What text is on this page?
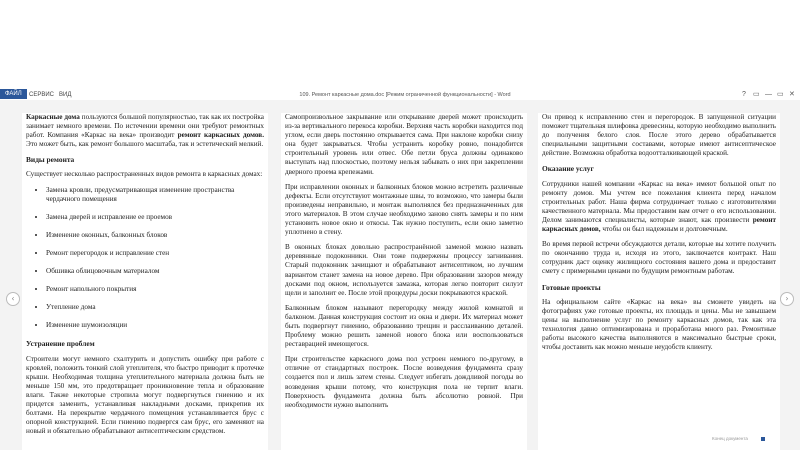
ФАЙЛ	СЕРВИС ВИД	109. Ремонт каркасные дома.doc [Режим ограниченной функциональности] - Word	? ▭ — ▭ ✕

Каркасные дома пользуются большой популярностью, так как их постройка занимает немного времени. По истечении времени они требуют ремонтных работ. Компания «Каркас на века» производит ремонт каркасных домов. Это может быть, как ремонт большого масштаба, так и эстетический мелкий.

Виды ремонта

Существует несколько распространенных видов ремонта в каркасных домах:

• Замена кровли, предусматривающая изменение пространства чердачного помещения
• Замена дверей и исправление ее проемов
• Изменение оконных, балконных блоков
• Ремонт перегородок и исправление стен
• Обшивка облицовочным материалом
• Ремонт напольного покрытия
• Утепление дома
• Изменение шумоизоляции
Устранение проблем

Строители могут немного схалтурить и допустить ошибку при работе с кровлей, положить тонкий слой утеплителя, что быстро приводит к протечке крыши. Необходимая толщина утеплительного материала должна быть не меньше 150 мм, это предотвращает проникновение тепла и образование влаги. Также некоторые стропила могут подвергнуться гниению и их придется заменить, устанавливая накладными досками, прикрепив их болтами. На перекрытие чердачного помещения устанавливается брус с опорной конструкцией. Если гниению подвергся сам брус, его заменяют на новый и обязательно обрабатывают антисептическим средством.

Самопроизвольное закрывание или открывание дверей может происходить из-за вертикального перекоса коробки. Верхняя часть коробки находится под углом, если дверь постоянно открывается сама. При наклоне коробки снизу она будет закрываться. Чтобы устранить коробку ровно, понадобится строительный уровень или отвес. Обе петли бруса должны одинаково выступать над плоскостью, поэтому нельзя забывать о них при закреплении дверного проема крепежами.

При исправлении оконных и балконных блоков можно встретить различные дефекты. Если отсутствуют монтажные швы, то возможно, что замеры были произведены неправильно, и монтаж выполнялся без предназначенных для этого материалов. В этом случае необходимо заново снять замеры и по ним установить новое окно и откосы. Так нужно поступить, если окно заметно уплотнено в стену.

В оконных блоках довольно распространённой заменой можно назвать деревянные подоконники. Они тоже подвержены процессу загнивания. Старый подоконник зачищают и обрабатывают антисептиком, но лучшим вариантом станет замена на новое дерево. При образовании зазоров между досками под окном, используется замазка, которая легко повторит силуэт щели и заполнит ее. После этой процедуры доски покрываются краской.

Балконным блоком называют перегородку между жилой комнатой и балконом. Данная конструкция состоит из окна и двери. Их материал может быть подвергнут гниению, образованию трещин и расслаиванию деталей. Проблему можно решить заменой нового блока или воспользоваться реставрацией имеющегося.

При строительстве каркасного дома пол устроен немного по-другому, в отличие от стандартных построек. После возведения фундамента сразу создается пол и лишь затем стены. Следует избегать дождливой погоды во возведения крыши потому, что конструкция пола не терпит влаги. Поверхность фундамента должна быть абсолютно ровной. При необходимости нужно выполнить

Он привод к исправлению стен и перегородок. В запущенной ситуации поможет тщательная шлифовка древесины, которую необходимо выполнить до получения белого слоя. После этого дерево обрабатывается специальными защитными составами, которые имеют антисептическое действие. Возможна обработка водоотталкивающей краской.

Оказание услуг

Сотрудники нашей компании «Каркас на века» имеют большой опыт по ремонту домов. Мы учтем все пожелания клиента перед началом строительных работ. Наша фирма сотрудничает только с изготовителями качественного материала. Мы предоставим вам отчет о его использовании. Делом занимаются специалисты, которые знают, как произвести ремонт каркасных домов, чтобы он был надежным и долговечным.

Во время первой встречи обсуждаются детали, которые вы хотите получить по окончанию труда и, исходя из этого, заключается контракт. Наш сотрудник даст оценку жилищного состояния вашего дома и предоставит смету с примерными ценами по будущим ремонтным работам.

Готовые проекты

На официальном сайте «Каркас на века» вы сможете увидеть на фотографиях уже готовые проекты, их площадь и цены. Мы не завышаем цены на выполнение услуг по ремонту каркасных домов, так как эта технология давно оптимизирована и проработана много раз. Ремонтные работы высокого качества выполняются в максимально быстрые сроки, чтобы доставить как можно меньше неудобств клиенту.

‹	›
Конец документа
